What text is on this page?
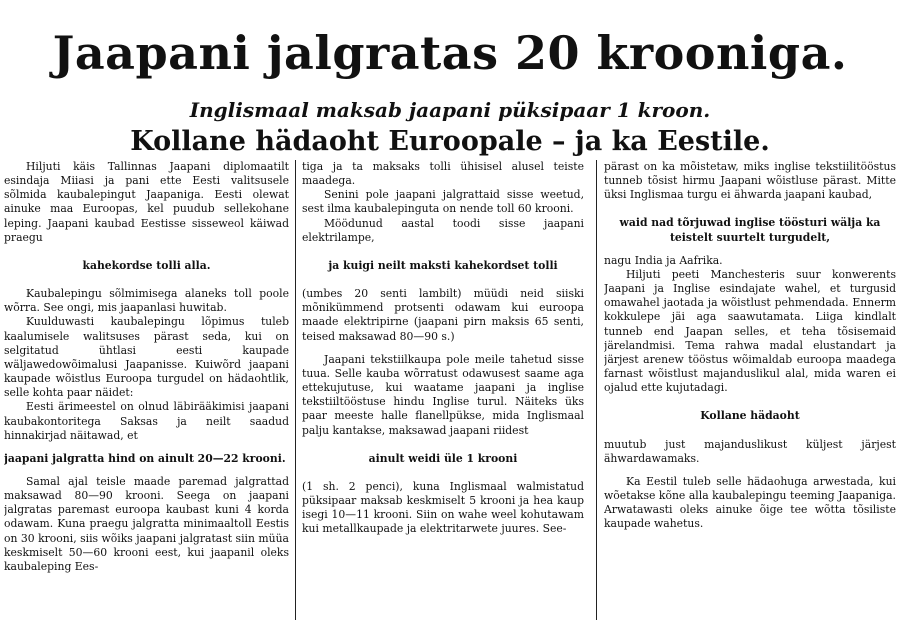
Jaapani jalgratas 20 krooniga.
Inglismaal maksab jaapani püksipaar 1 kroon.
Kollane hädaoht Euroopale – ja ka Eestile.

Hiljuti käis Tallinnas Jaapani diplomaatilt esindaja Miiasi ja pani ette Eesti valitsusele sõlmida kaubalepingut Jaapaniga. Eesti olewat ainuke maa Euroopas, kel puudub sellekohane leping. Jaapani kaubad Eestisse sisseweol käiwad praegu

kahekordse tolli alla.

Kaubalepingu sõlmimisega alaneks toll poole wõrra. See ongi, mis jaapanlasi huwitab.

Kuulduwasti kaubalepingu lõpimus tuleb kaalumisele walitsuses pärast seda, kui on selgitatud ühtlasi eesti kaupade wäljawedowõimalusi Jaapanisse. Kuiwõrd jaapani kaupade wõistlus Euroopa turgudel on hädaohtlik, selle kohta paar näidet:

Eesti ärimeestel on olnud läbirääkimisi jaapani kaubakontoritega Saksas ja neilt saadud hinnakirjad näitawad, et

jaapani jalgratta hind on ainult 20—22 krooni.

Samal ajal teisle maade paremad jalgrattad maksawad 80—90 krooni. Seega on jaapani jalgratas paremast euroopa kaubast kuni 4 korda odawam. Kuna praegu jalgratta minimaaltoll Eestis on 30 krooni, siis wõiks jaapani jalgratast siin müüa keskmiselt 50—60 krooni eest, kui jaapanil oleks kaubaleping Ees-

tiga ja ta maksaks tolli ühisisel alusel teiste maadega.

Senini pole jaapani jalgrattaid sisse weetud, sest ilma kaubalepinguta on nende toll 60 krooni.

Möödunud aastal toodi sisse jaapani elektrilampe,

ja kuigi neilt maksti kahekordset tolli

(umbes 20 senti lambilt) müüdi neid siiski mõnikümmend protsenti odawam kui euroopa maade elektripirne (jaapani pirn maksis 65 senti, teised maksawad 80—90 s.)

Jaapani tekstiilkaupa pole meile tahetud sisse tuua. Selle kauba wõrratust odawusest saame aga ettekujutuse, kui waatame jaapani ja inglise tekstiiltööstuse hindu Inglise turul. Näiteks üks paar meeste halle flanellpükse, mida Inglismaal palju kantakse, maksawad jaapani riidest

ainult weidi üle 1 krooni

(1 sh. 2 penci), kuna Inglismaal walmistatud püksipaar maksab keskmiselt 5 krooni ja hea kaup isegi 10—11 krooni. Siin on wahe weel kohutawam kui metallkaupade ja elektritarwete juures. See-

pärast on ka mõistetaw, miks inglise tekstiilitööstus tunneb tõsist hirmu Jaapani wõistluse pärast. Mitte üksi Inglismaa turgu ei ähwarda jaapani kaubad,

waid nad tõrjuwad inglise töösturi wälja ka teistelt suurtelt turgudelt,

nagu India ja Aafrika.

Hiljuti peeti Manchesteris suur konwerents Jaapani ja Inglise esindajate wahel, et turgusid omawahel jaotada ja wõistlust pehmendada. Ennerm kokkulepe jäi aga saawutamata. Liiga kindlalt tunneb end Jaapan selles, et teha tõsisemaid järelandmisi. Tema rahwa madal elustandart ja järjest arenew tööstus wõimaldab euroopa maadega farnast wõistlust majanduslikul alal, mida waren ei ojalud ette kujutadagi.

Kollane hädaoht

muutub just majanduslikust küljest järjest ähwardawamaks.

Ka Eestil tuleb selle hädaohuga arwestada, kui wõetakse kõne alla kaubalepingu teeming Jaapaniga. Arwatawasti oleks ainuke õige tee wõtta tõsiliste kaupade wahetus.
